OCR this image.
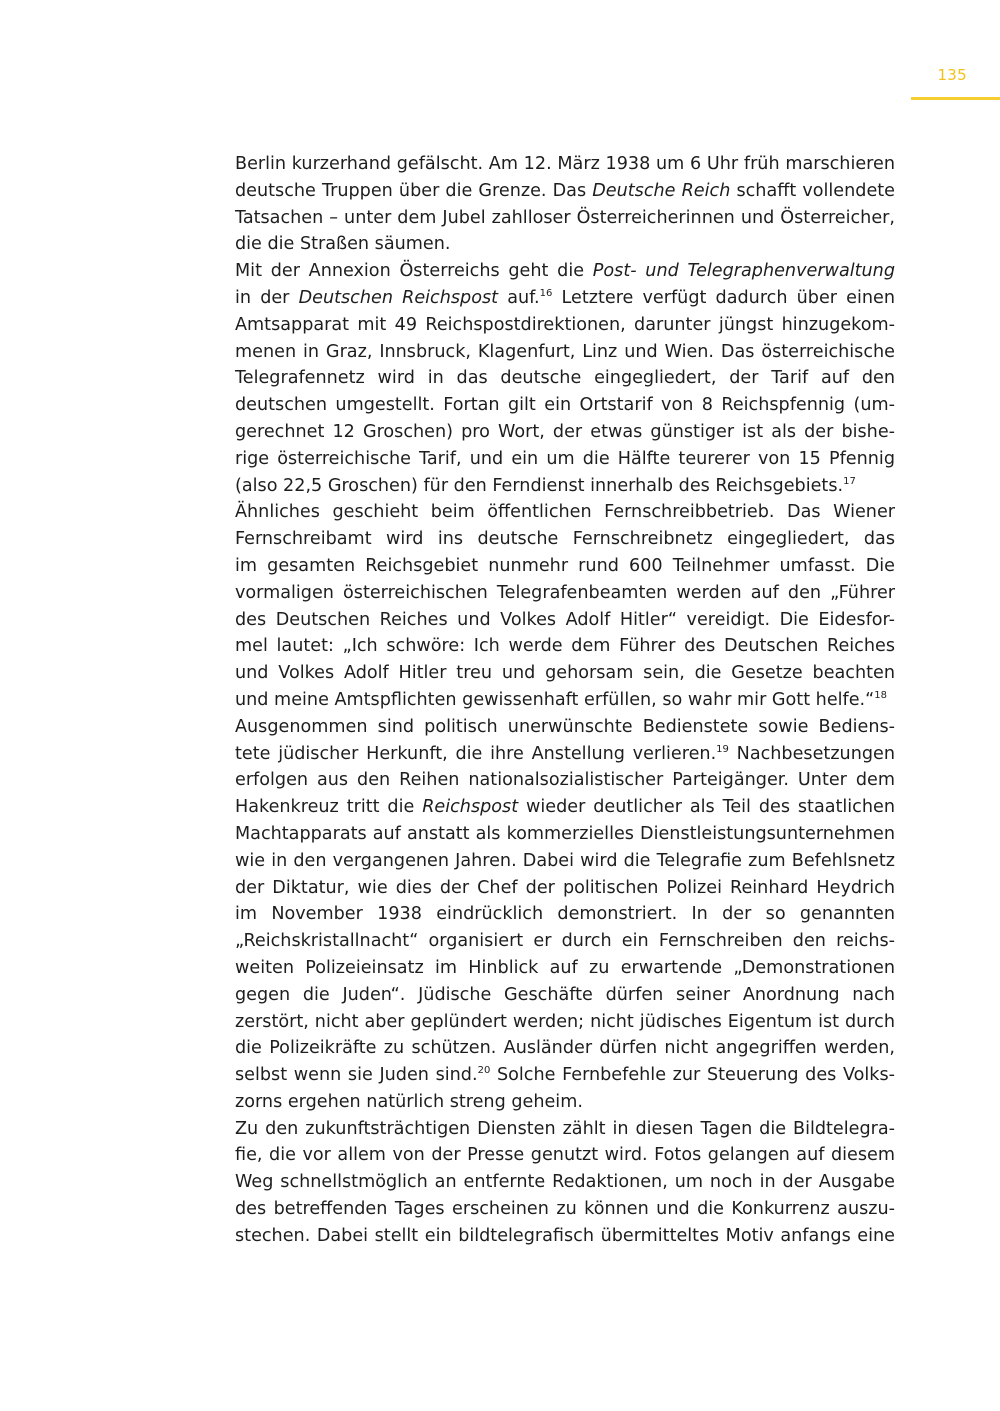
135
Berlin kurzerhand gefälscht. Am 12. März 1938 um 6 Uhr früh marschieren
deutsche Truppen über die Grenze. Das Deutsche Reich schafft vollendete
Tatsachen – unter dem Jubel zahlloser Österreicherinnen und Österreicher,
die die Straßen säumen.
Mit der Annexion Österreichs geht die Post- und Telegraphenverwaltung
in der Deutschen Reichspost auf.$^{16}$ Letztere verfügt dadurch über einen
Amtsapparat mit 49 Reichspostdirektionen, darunter jüngst hinzugekom-
menen in Graz, Innsbruck, Klagenfurt, Linz und Wien. Das österreichische
Telegrafennetz wird in das deutsche eingegliedert, der Tarif auf den
deutschen umgestellt. Fortan gilt ein Ortstarif von 8 Reichspfennig (um-
gerechnet 12 Groschen) pro Wort, der etwas günstiger ist als der bishe-
rige österreichische Tarif, und ein um die Hälfte teurerer von 15 Pfennig
(also 22,5 Groschen) für den Ferndienst innerhalb des Reichsgebiets.$^{17}$
Ähnliches geschieht beim öffentlichen Fernschreibbetrieb. Das Wiener
Fernschreibamt wird ins deutsche Fernschreibnetz eingegliedert, das
im gesamten Reichsgebiet nunmehr rund 600 Teilnehmer umfasst. Die
vormaligen österreichischen Telegrafenbeamten werden auf den „Führer
des Deutschen Reiches und Volkes Adolf Hitler“ vereidigt. Die Eidesfor-
mel lautet: „Ich schwöre: Ich werde dem Führer des Deutschen Reiches
und Volkes Adolf Hitler treu und gehorsam sein, die Gesetze beachten
und meine Amtspflichten gewissenhaft erfüllen, so wahr mir Gott helfe.“$^{18}$
Ausgenommen sind politisch unerwünschte Bedienstete sowie Bediens-
tete jüdischer Herkunft, die ihre Anstellung verlieren.$^{19}$ Nachbesetzungen
erfolgen aus den Reihen nationalsozialistischer Parteigänger. Unter dem
Hakenkreuz tritt die Reichspost wieder deutlicher als Teil des staatlichen
Machtapparats auf anstatt als kommerzielles Dienstleistungsunternehmen
wie in den vergangenen Jahren. Dabei wird die Telegrafie zum Befehlsnetz
der Diktatur, wie dies der Chef der politischen Polizei Reinhard Heydrich
im November 1938 eindrücklich demonstriert. In der so genannten
„Reichskristallnacht“ organisiert er durch ein Fernschreiben den reichs-
weiten Polizeieinsatz im Hinblick auf zu erwartende „Demonstrationen
gegen die Juden“. Jüdische Geschäfte dürfen seiner Anordnung nach
zerstört, nicht aber geplündert werden; nicht jüdisches Eigentum ist durch
die Polizeikräfte zu schützen. Ausländer dürfen nicht angegriffen werden,
selbst wenn sie Juden sind.$^{20}$ Solche Fernbefehle zur Steuerung des Volks-
zorns ergehen natürlich streng geheim.
Zu den zukunftsträchtigen Diensten zählt in diesen Tagen die Bildtelegra-
fie, die vor allem von der Presse genutzt wird. Fotos gelangen auf diesem
Weg schnellstmöglich an entfernte Redaktionen, um noch in der Ausgabe
des betreffenden Tages erscheinen zu können und die Konkurrenz auszu-
stechen. Dabei stellt ein bildtelegrafisch übermitteltes Motiv anfangs eine
